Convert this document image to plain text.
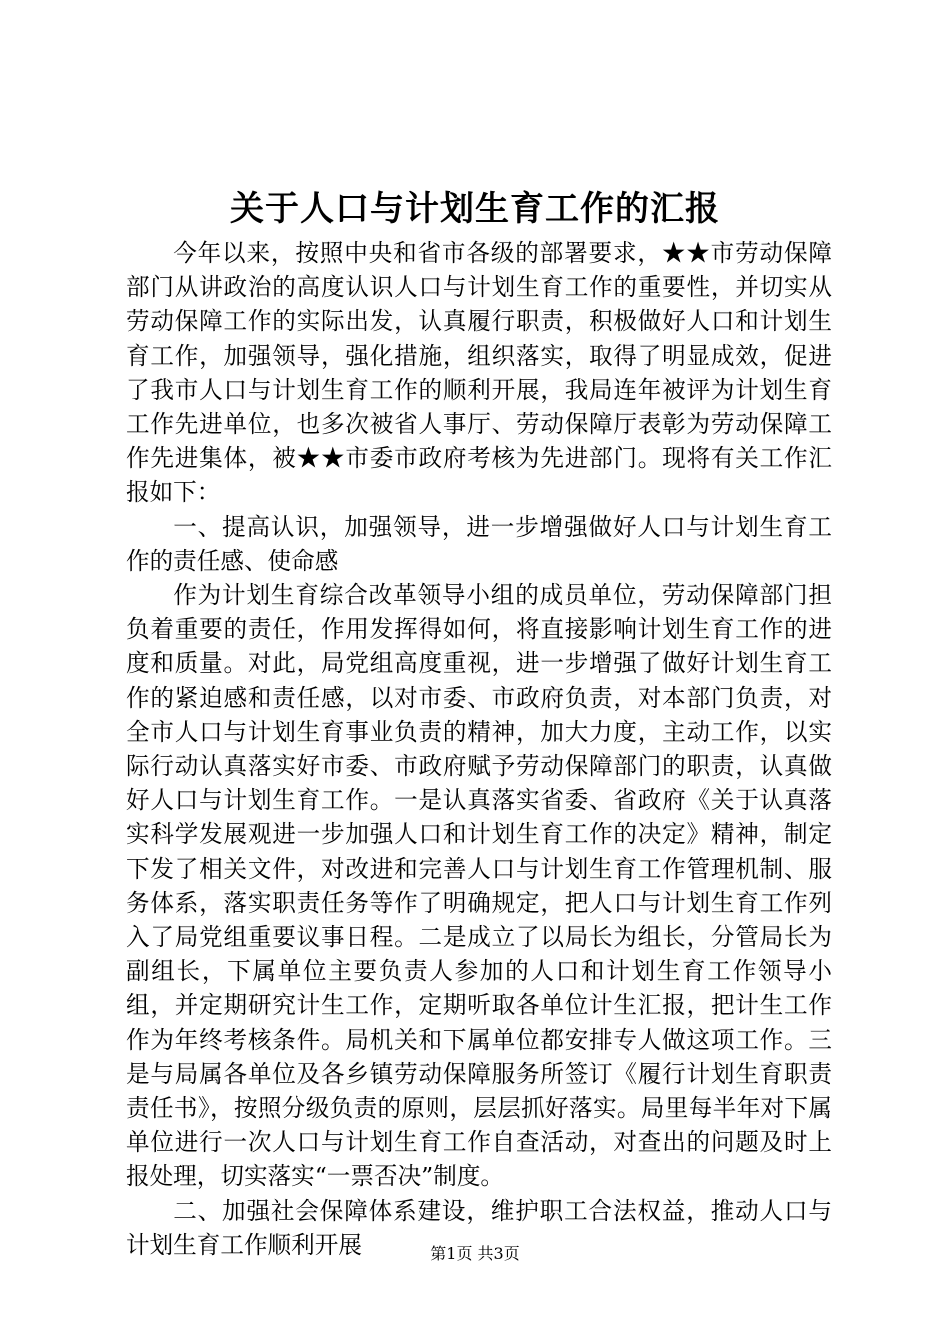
关于人口与计划生育工作的汇报

今年以来，按照中央和省市各级的部署要求，★★市劳动保障部门从讲政治的高度认识人口与计划生育工作的重要性，并切实从劳动保障工作的实际出发，认真履行职责，积极做好人口和计划生育工作，加强领导，强化措施，组织落实，取得了明显成效，促进了我市人口与计划生育工作的顺利开展，我局连年被评为计划生育工作先进单位，也多次被省人事厅、劳动保障厅表彰为劳动保障工作先进集体，被★★市委市政府考核为先进部门。现将有关工作汇报如下：

一、提高认识，加强领导，进一步增强做好人口与计划生育工作的责任感、使命感

作为计划生育综合改革领导小组的成员单位，劳动保障部门担负着重要的责任，作用发挥得如何，将直接影响计划生育工作的进度和质量。对此，局党组高度重视，进一步增强了做好计划生育工作的紧迫感和责任感，以对市委、市政府负责，对本部门负责，对全市人口与计划生育事业负责的精神，加大力度，主动工作，以实际行动认真落实好市委、市政府赋予劳动保障部门的职责，认真做好人口与计划生育工作。一是认真落实省委、省政府《关于认真落实科学发展观进一步加强人口和计划生育工作的决定》精神，制定下发了相关文件，对改进和完善人口与计划生育工作管理机制、服务体系，落实职责任务等作了明确规定，把人口与计划生育工作列入了局党组重要议事日程。二是成立了以局长为组长，分管局长为副组长，下属单位主要负责人参加的人口和计划生育工作领导小组，并定期研究计生工作，定期听取各单位计生汇报，把计生工作作为年终考核条件。局机关和下属单位都安排专人做这项工作。三是与局属各单位及各乡镇劳动保障服务所签订《履行计划生育职责责任书》，按照分级负责的原则，层层抓好落实。局里每半年对下属单位进行一次人口与计划生育工作自查活动，对查出的问题及时上报处理，切实落实“一票否决”制度。

二、加强社会保障体系建设，维护职工合法权益，推动人口与计划生育工作顺利开展	第1页 共3页
